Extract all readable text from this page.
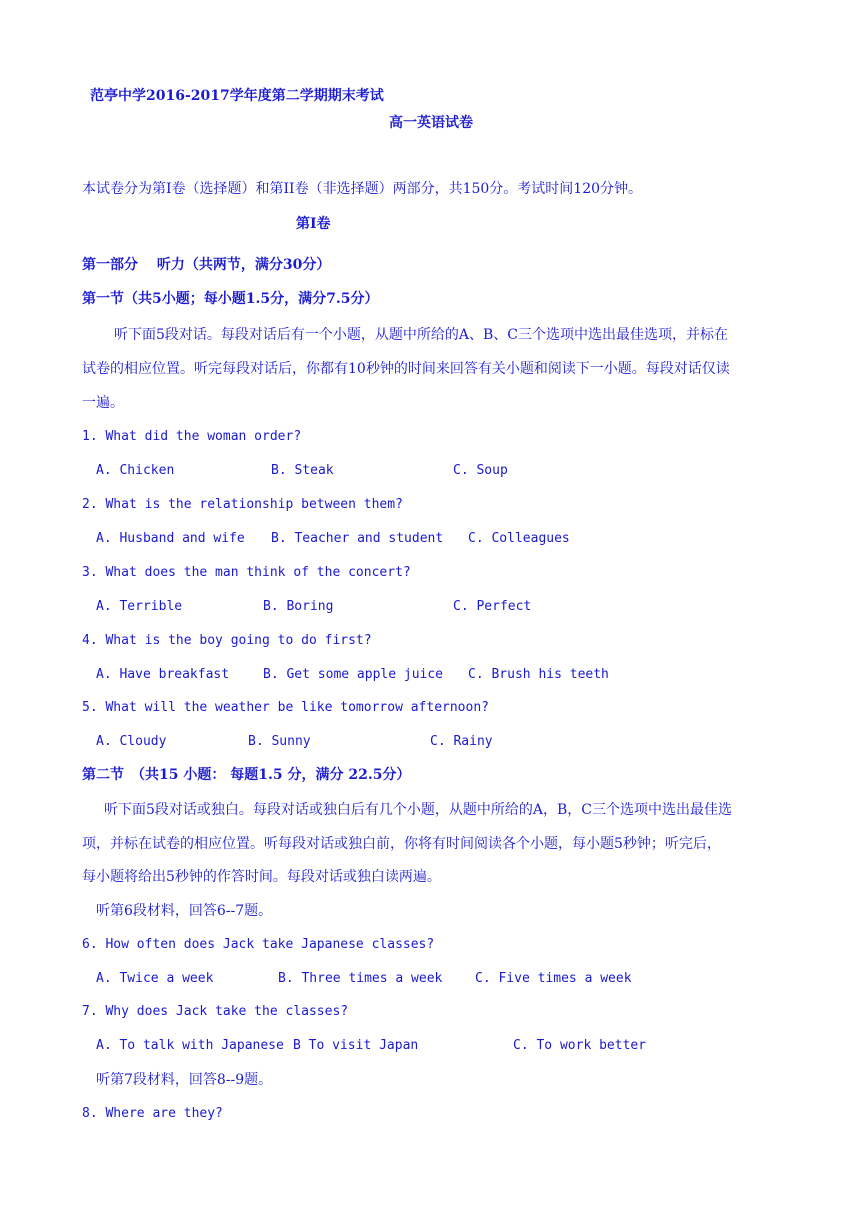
范亭中学2016-2017学年度第二学期期末考试
高一英语试卷
本试卷分为第Ⅰ卷（选择题）和第II卷（非选择题）两部分，共150分。考试时间120分钟。
第Ⅰ卷
第一部分　 听力（共两节，满分30分）
第一节（共5小题；每小题1.5分，满分7.5分）
听下面5段对话。每段对话后有一个小题，从题中所给的A、B、C三个选项中选出最佳选项，并标在
试卷的相应位置。听完每段对话后，你都有10秒钟的时间来回答有关小题和阅读下一小题。每段对话仅读
一遍。
1. What did the woman order?
A. Chicken	B. Steak	C. Soup
2. What is the relationship between them?
A. Husband and wife B. Teacher and student C. Colleagues
3. What does the man think of the concert?
A. Terrible	B. Boring	C. Perfect
4. What is the boy going to do first?
A. Have breakfast	B. Get some apple juice C. Brush his teeth
5. What will the weather be like tomorrow afternoon?
A. Cloudy	B. Sunny	C. Rainy
第二节　（共15 小题： 每题1.5 分，满分 22.5分）
听下面5段对话或独白。每段对话或独白后有几个小题，从题中所给的A，B，C三个选项中选出最佳选
项，并标在试卷的相应位置。听每段对话或独白前，你将有时间阅读各个小题，每小题5秒钟；听完后，
每小题将给出5秒钟的作答时间。每段对话或独白读两遍。
听第6段材料，回答6--7题。
6. How often does Jack take Japanese classes?
A. Twice a week	B. Three times a week	C. Five times a week
7. Why does Jack take the classes?
A. To talk with Japanese B To visit Japan	C. To work better
听第7段材料，回答8--9题。
8. Where are they?
